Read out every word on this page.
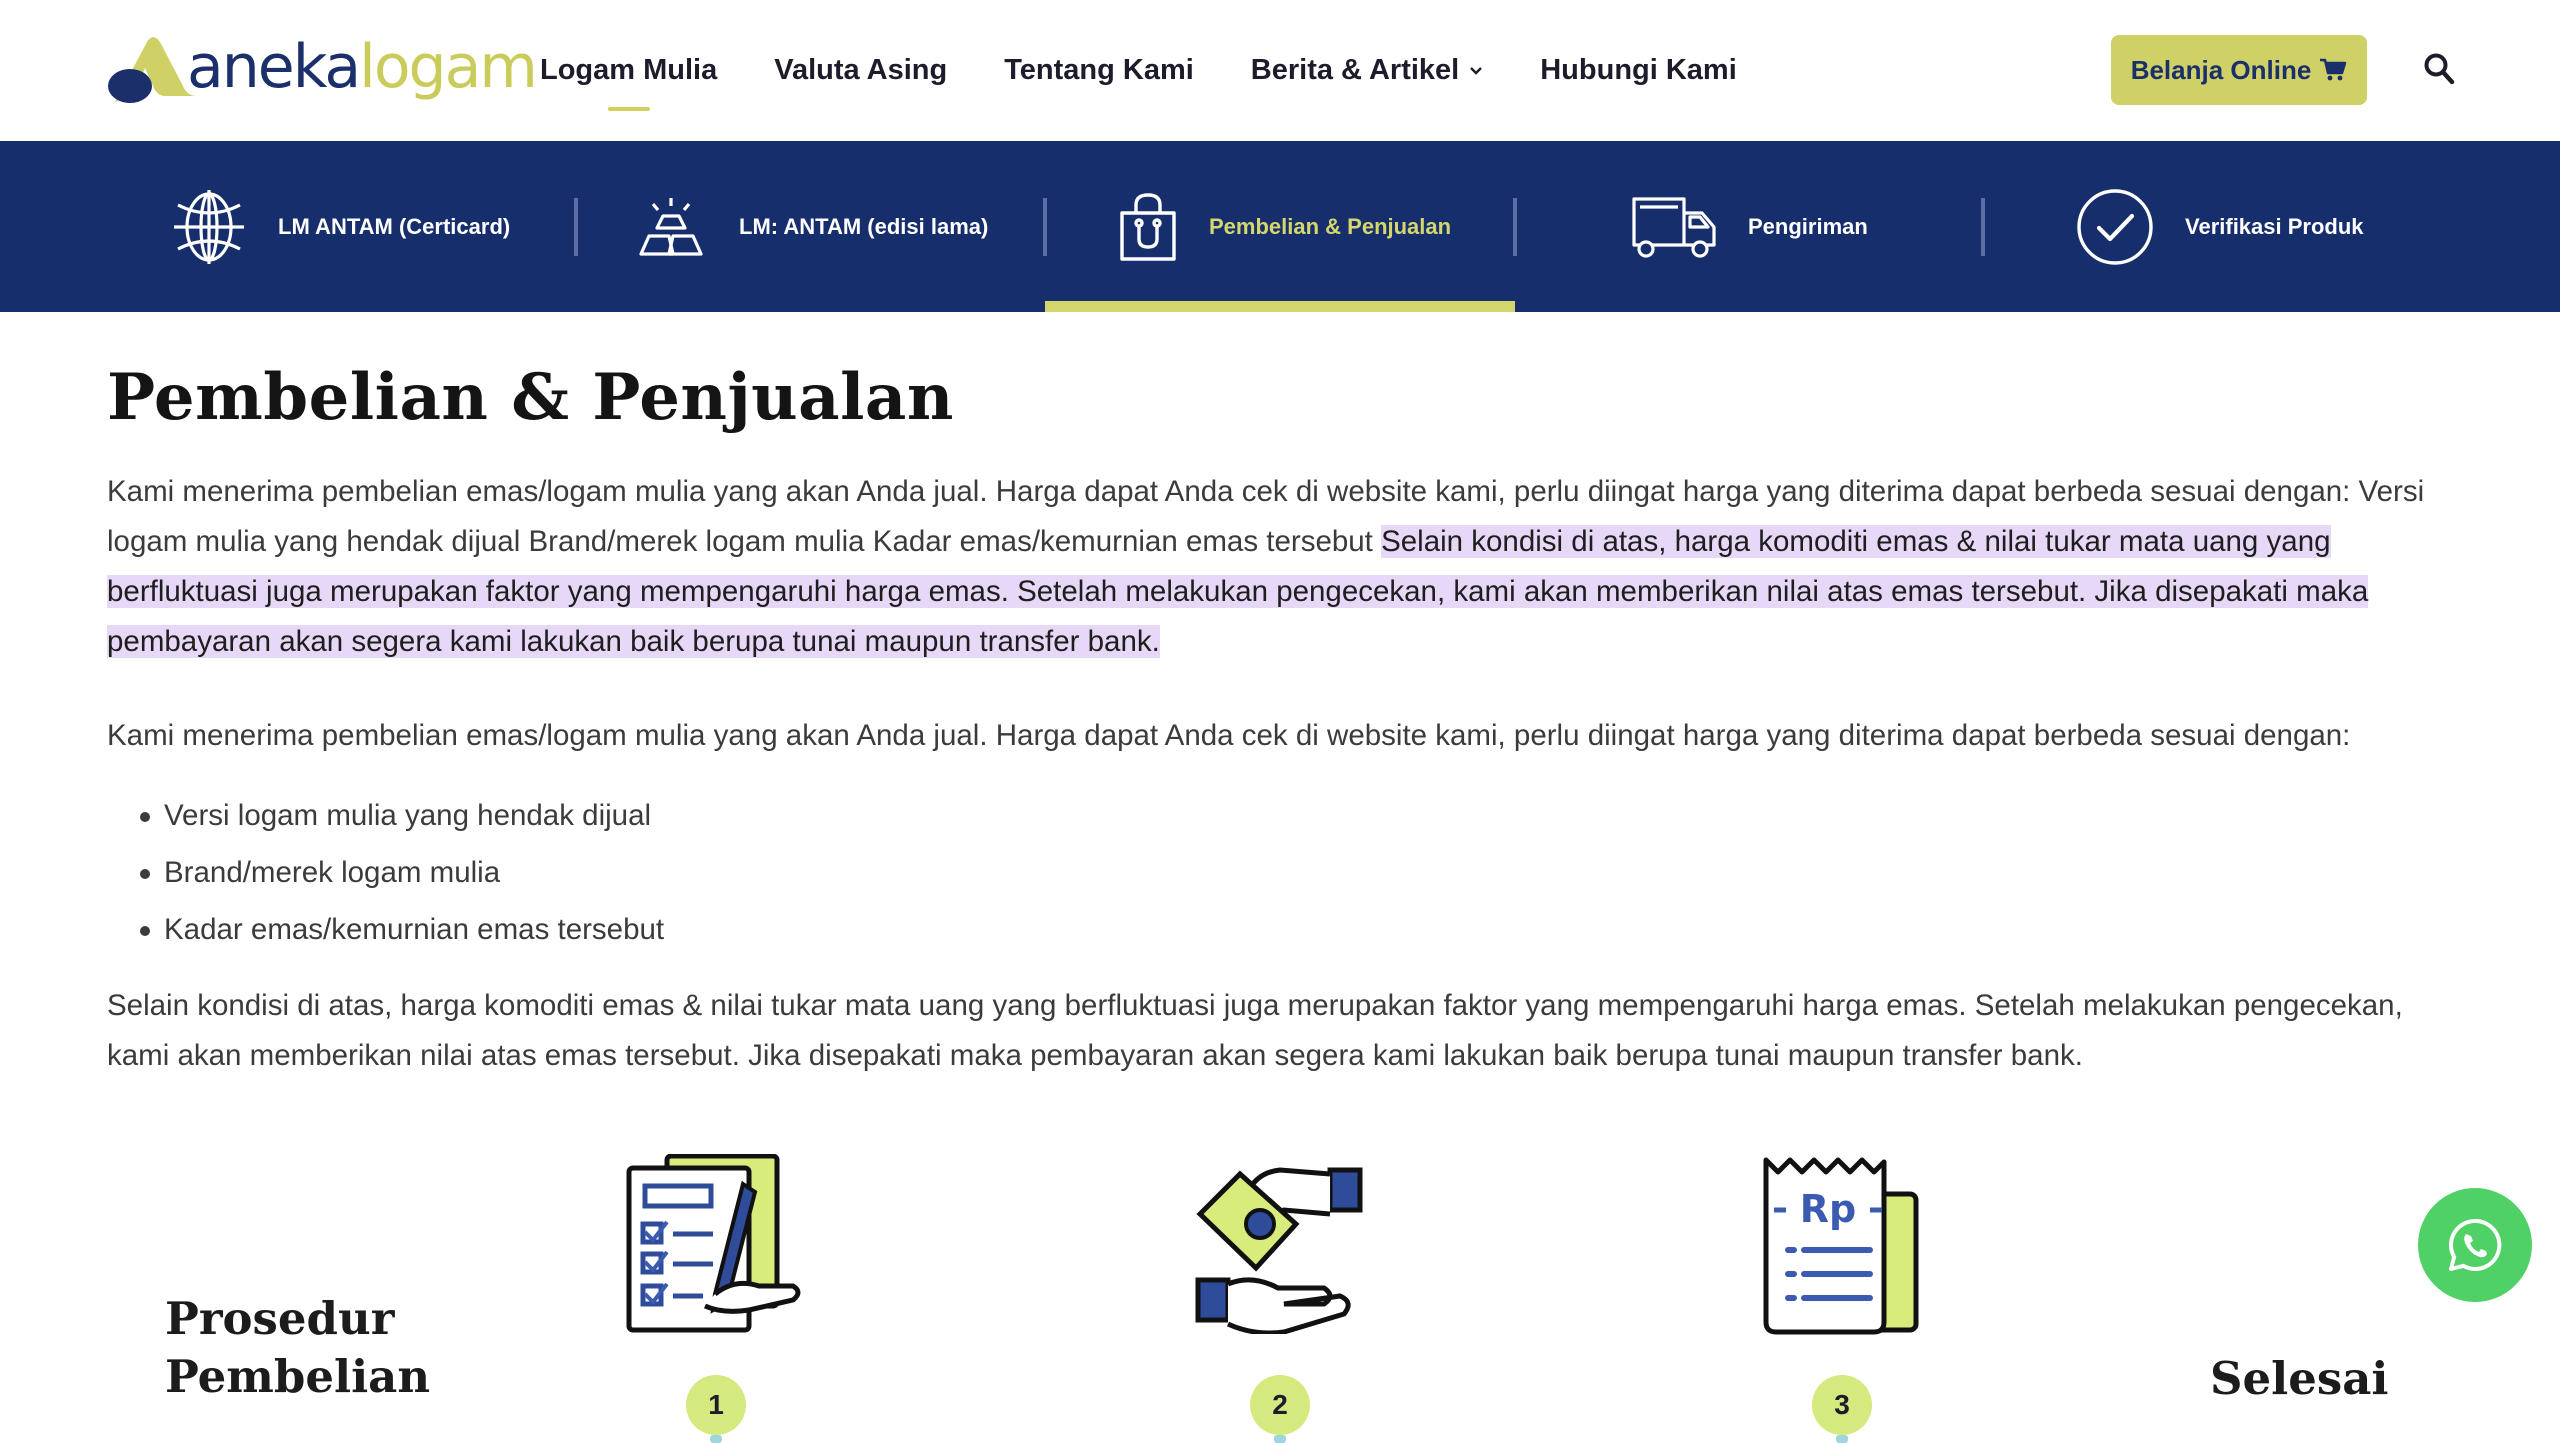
anekalogam Logam Mulia Valuta Asing Tentang Kami Berita & Artikel	Hubungi Kami	Belanja Online
LM ANTAM (Certicard)	LM: ANTAM (edisi lama)	Pembelian & Penjualan	Pengiriman	Verifikasi Produk
Pembelian & Penjualan

Kami menerima pembelian emas/logam mulia yang akan Anda jual. Harga dapat Anda cek di website kami, perlu diingat harga yang diterima dapat berbeda sesuai dengan: Versi logam mulia yang hendak dijual Brand/merek logam mulia Kadar emas/kemurnian emas tersebut Selain kondisi di atas, harga komoditi emas & nilai tukar mata uang yang berfluktuasi juga merupakan faktor yang mempengaruhi harga emas. Setelah melakukan pengecekan, kami akan memberikan nilai atas emas tersebut. Jika disepakati maka pembayaran akan segera kami lakukan baik berupa tunai maupun transfer bank.

Kami menerima pembelian emas/logam mulia yang akan Anda jual. Harga dapat Anda cek di website kami, perlu diingat harga yang diterima dapat berbeda sesuai dengan:

Versi logam mulia yang hendak dijual
Brand/merek logam mulia
Kadar emas/kemurnian emas tersebut

Selain kondisi di atas, harga komoditi emas & nilai tukar mata uang yang berfluktuasi juga merupakan faktor yang mempengaruhi harga emas. Setelah melakukan pengecekan, kami akan memberikan nilai atas emas tersebut. Jika disepakati maka pembayaran akan segera kami lakukan baik berupa tunai maupun transfer bank.

Prosedur Pembelian
1	2
Rp
3	Selesai
